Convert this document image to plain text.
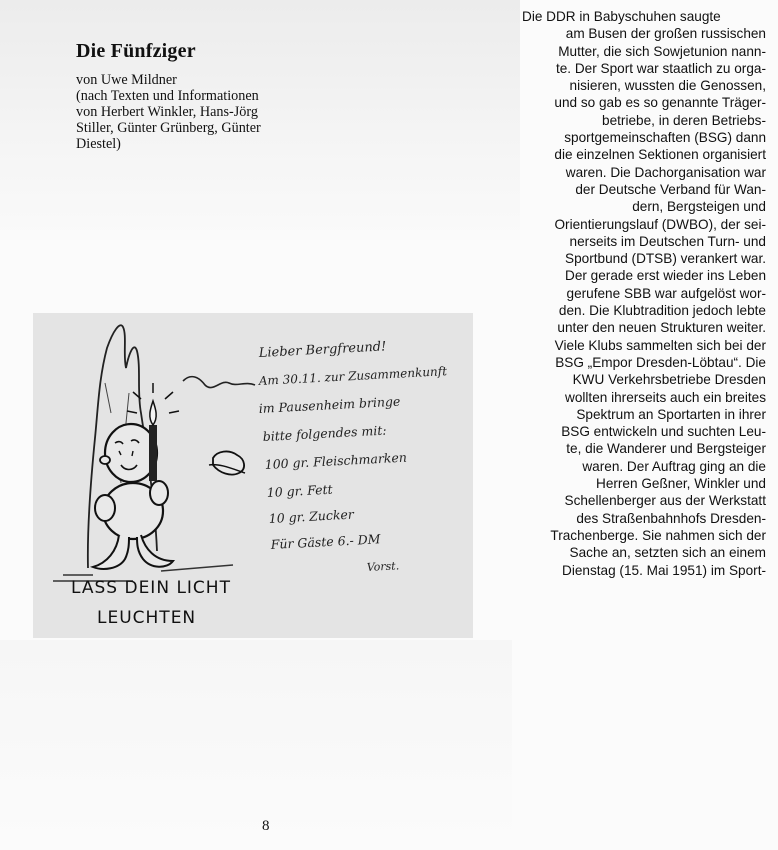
Die Fünfziger
von Uwe Mildner
(nach Texten und Informationen
von Herbert Winkler, Hans-Jörg
Stiller, Günter Grünberg, Günter
Diestel)
Die DDR in Babyschuhen saugte
am Busen der großen russischen
Mutter, die sich Sowjetunion nann-
te. Der Sport war staatlich zu orga-
nisieren, wussten die Genossen,
und so gab es so genannte Träger-
betriebe, in deren Betriebs-
sportgemeinschaften (BSG) dann
die einzelnen Sektionen organisiert
waren. Die Dachorganisation war
der Deutsche Verband für Wan-
dern, Bergsteigen und
Orientierungslauf (DWBO), der sei-
nerseits im Deutschen Turn- und
Sportbund (DTSB) verankert war.
Der gerade erst wieder ins Leben
gerufene SBB war aufgelöst wor-
den. Die Klubtradition jedoch lebte
unter den neuen Strukturen weiter.
Viele Klubs sammelten sich bei der
BSG „Empor Dresden-Löbtau“. Die
KWU Verkehrsbetriebe Dresden
wollten ihrerseits auch ein breites
Spektrum an Sportarten in ihrer
BSG entwickeln und suchten Leu-
te, die Wanderer und Bergsteiger
waren. Der Auftrag ging an die
Herren Geßner, Winkler und
Schellenberger aus der Werkstatt
des Straßenbahnhofs Dresden-
Trachenberge. Sie nahmen sich der
Sache an, setzten sich an einem
Dienstag (15. Mai 1951) im Sport-
LASS DEIN LICHT
LEUCHTEN
Lieber Bergfreund!
Am 30.11. zur Zusammenkunft
im Pausenheim bringe
bitte folgendes mit:
100 gr. Fleischmarken
10 gr. Fett
10 gr. Zucker
Für Gäste 6.- DM
Vorst.
8
